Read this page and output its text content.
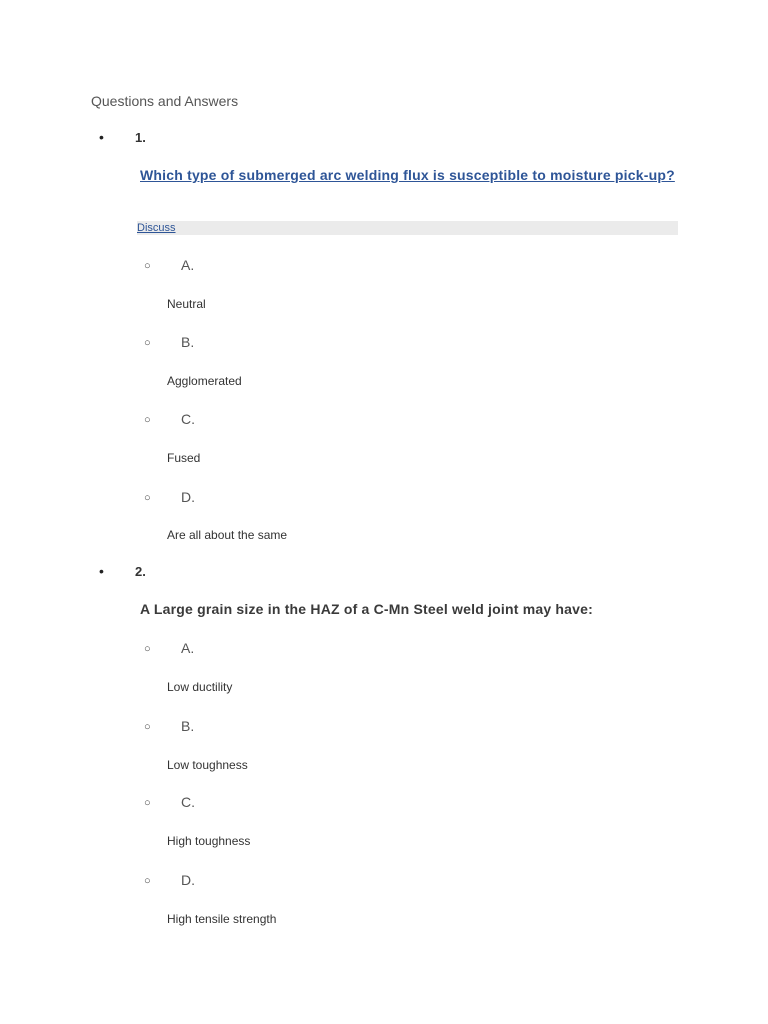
Questions and Answers
• 1.
Which type of submerged arc welding flux is susceptible to moisture pick-up?
Discuss
○ A.
Neutral
○ B.
Agglomerated
○ C.
Fused
○ D.
Are all about the same
• 2.
A Large grain size in the HAZ of a C-Mn Steel weld joint may have:
○ A.
Low ductility
○ B.
Low toughness
○ C.
High toughness
○ D.
High tensile strength
